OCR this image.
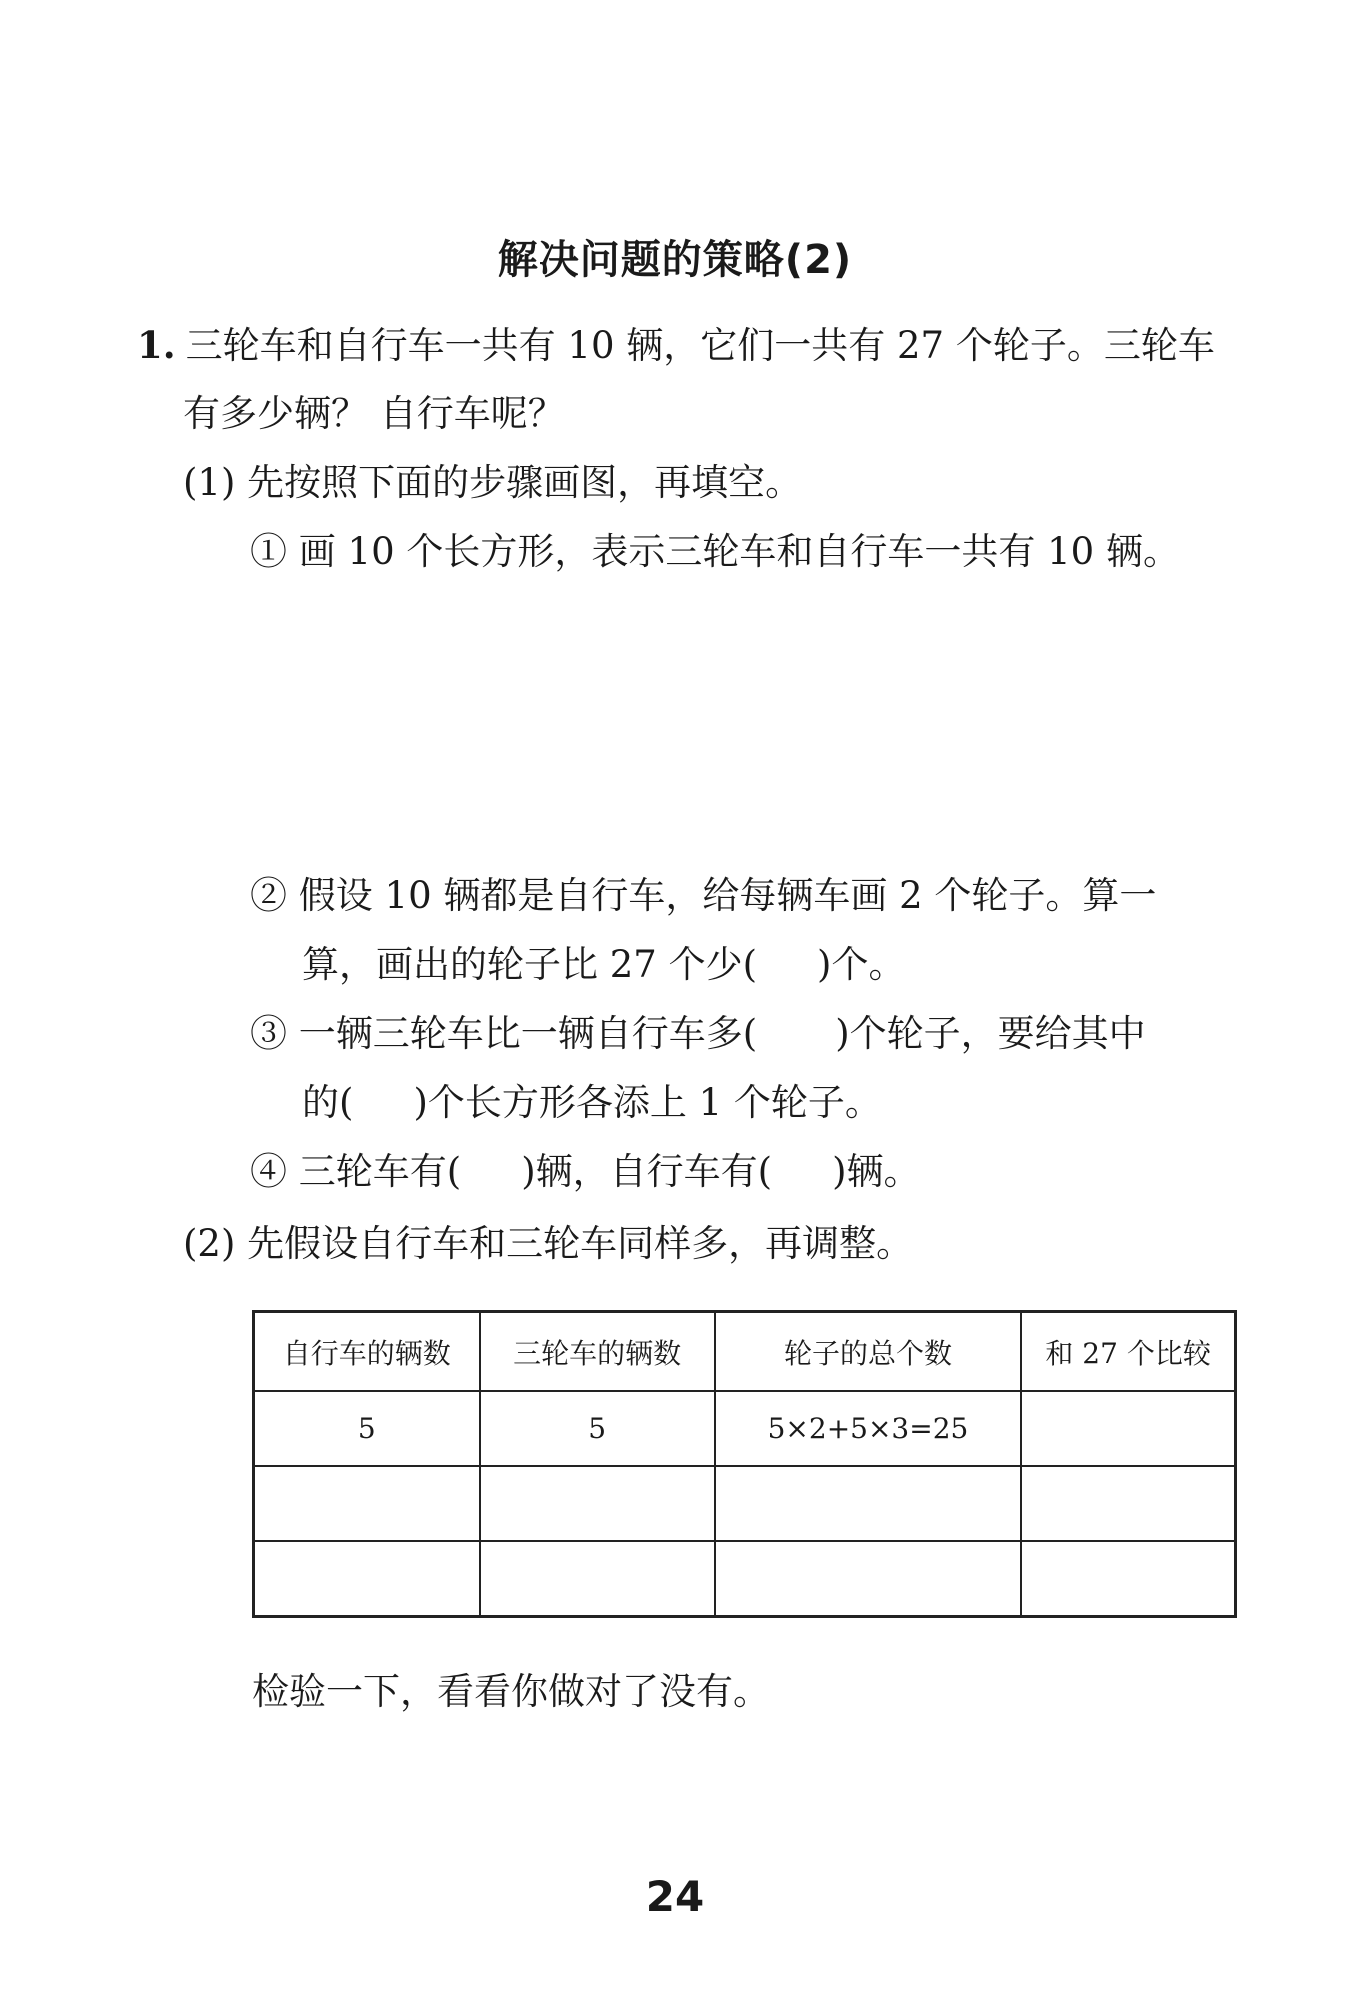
解决问题的策略(2)
1. 三轮车和自行车一共有 10 辆，它们一共有 27 个轮子。三轮车
有多少辆？ 自行车呢？
(1) 先按照下面的步骤画图，再填空。
① 画 10 个长方形，表示三轮车和自行车一共有 10 辆。
② 假设 10 辆都是自行车，给每辆车画 2 个轮子。算一
算，画出的轮子比 27 个少( )个。
③ 一辆三轮车比一辆自行车多( )个轮子，要给其中
的( )个长方形各添上 1 个轮子。
④ 三轮车有( )辆，自行车有( )辆。
(2) 先假设自行车和三轮车同样多，再调整。
自行车的辆数	三轮车的辆数	轮子的总个数	和 27 个比较
5	5	5×2+5×3=25	

检验一下，看看你做对了没有。
24
